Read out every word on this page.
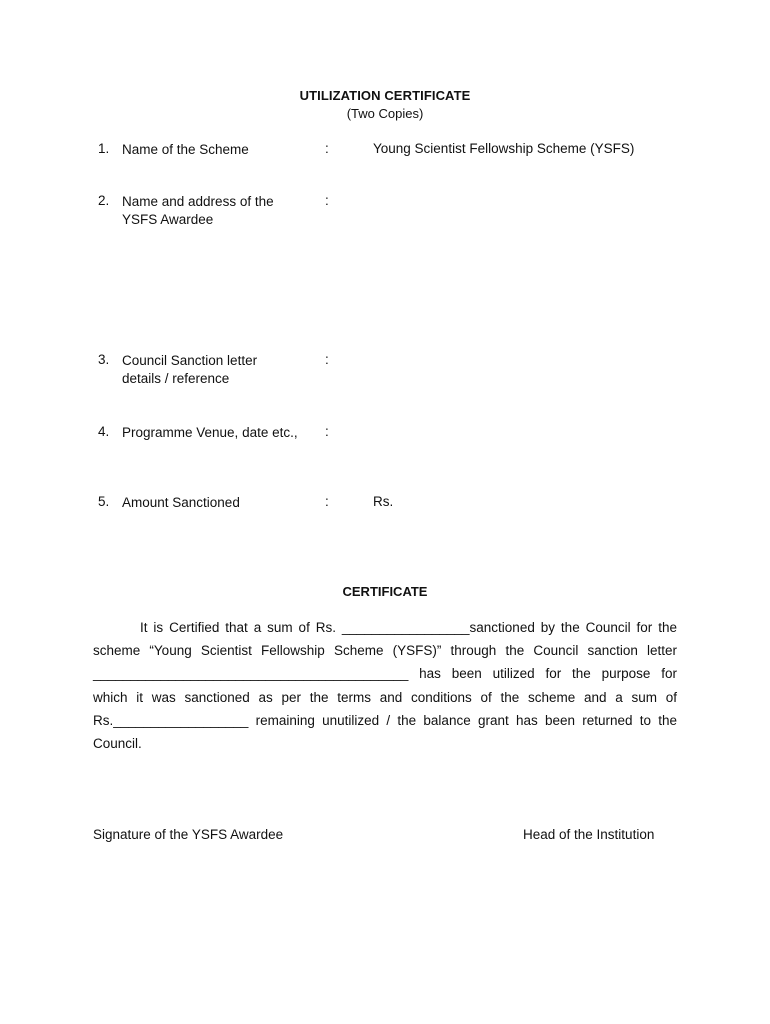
UTILIZATION CERTIFICATE
(Two Copies)
1. Name of the Scheme	:	Young Scientist Fellowship Scheme (YSFS)
2. Name and address of the
YSFS Awardee
:
3. Council Sanction letter
details / reference
:
4. Programme Venue, date etc.,	:
5. Amount Sanctioned	:	Rs.
CERTIFICATE
It is Certified that a sum of Rs. _________________sanctioned by the Council for the
scheme “Young Scientist Fellowship Scheme (YSFS)” through the Council sanction letter
__________________________________________ has been utilized for the purpose for
which it was sanctioned as per the terms and conditions of the scheme and a sum of
Rs.__________________ remaining unutilized / the balance grant has been returned to the
Council.
Signature of the YSFS Awardee	Head of the Institution
